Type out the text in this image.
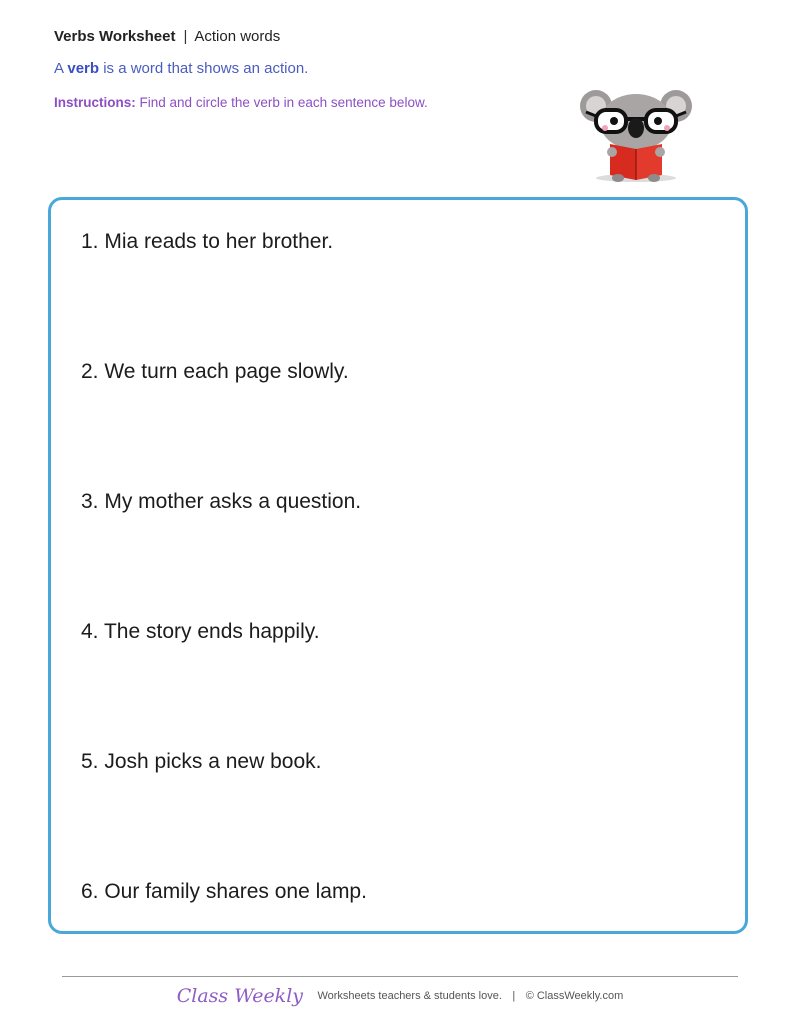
Verbs Worksheet | Action words
A verb is a word that shows an action.
Instructions: Find and circle the verb in each sentence below.
1. Mia reads to her brother.
2. We turn each page slowly.
3. My mother asks a question.
4. The story ends happily.
5. Josh picks a new book.
6. Our family shares one lamp.
Class Weekly Worksheets teachers & students love. | © ClassWeekly.com
